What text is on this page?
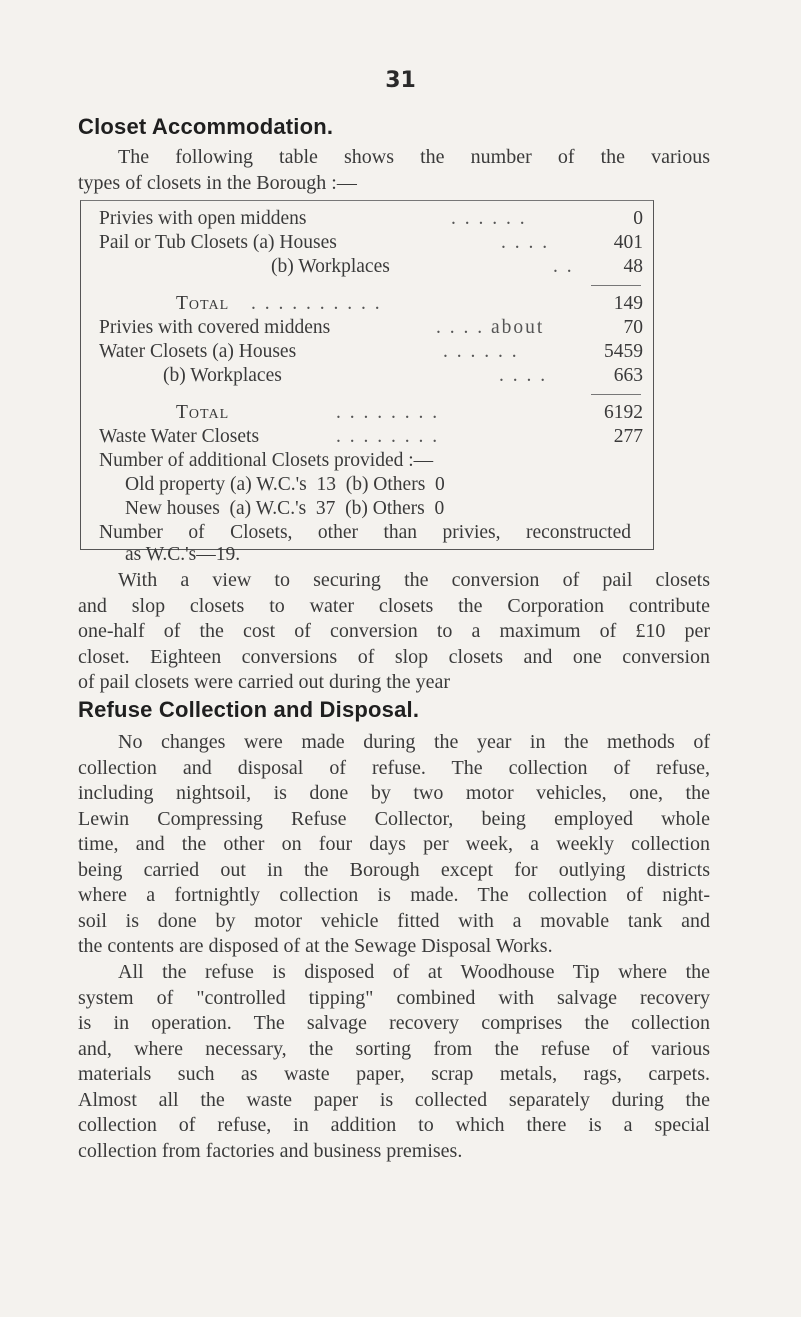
31
Closet Accommodation.
The following table shows the number of the various
types of closets in the Borough :—
Privies with open middens	. . . . . .	0
Pail or Tub Closets (a) Houses	. . . .	401
(b) Workplaces	. .	48
Total . . . . . . . . . .	149
Privies with covered middens	. . . . about	70
Water Closets (a) Houses	. . . . . .	5459
(b) Workplaces	. . . .	663
Total	. . . . . . . .	6192
Waste Water Closets	. . . . . . . .	277
Number of additional Closets provided :—
Old property (a) W.C.'s  13  (b) Others  0
New houses  (a) W.C.'s  37  (b) Others  0
Number of Closets, other than privies, reconstructed
as W.C.'s—19.
With a view to securing the conversion of pail closets
and slop closets to water closets the Corporation contribute
one-half of the cost of conversion to a maximum of £10 per
closet. Eighteen conversions of slop closets and one conversion
of pail closets were carried out during the year
Refuse Collection and Disposal.
No changes were made during the year in the methods of
collection and disposal of refuse. The collection of refuse,
including nightsoil, is done by two motor vehicles, one, the
Lewin Compressing Refuse Collector, being employed whole
time, and the other on four days per week, a weekly collection
being carried out in the Borough except for outlying districts
where a fortnightly collection is made. The collection of night-
soil is done by motor vehicle fitted with a movable tank and
the contents are disposed of at the Sewage Disposal Works.
All the refuse is disposed of at Woodhouse Tip where the
system of "controlled tipping" combined with salvage recovery
is in operation. The salvage recovery comprises the collection
and, where necessary, the sorting from the refuse of various
materials such as waste paper, scrap metals, rags, carpets.
Almost all the waste paper is collected separately during the
collection of refuse, in addition to which there is a special
collection from factories and business premises.
